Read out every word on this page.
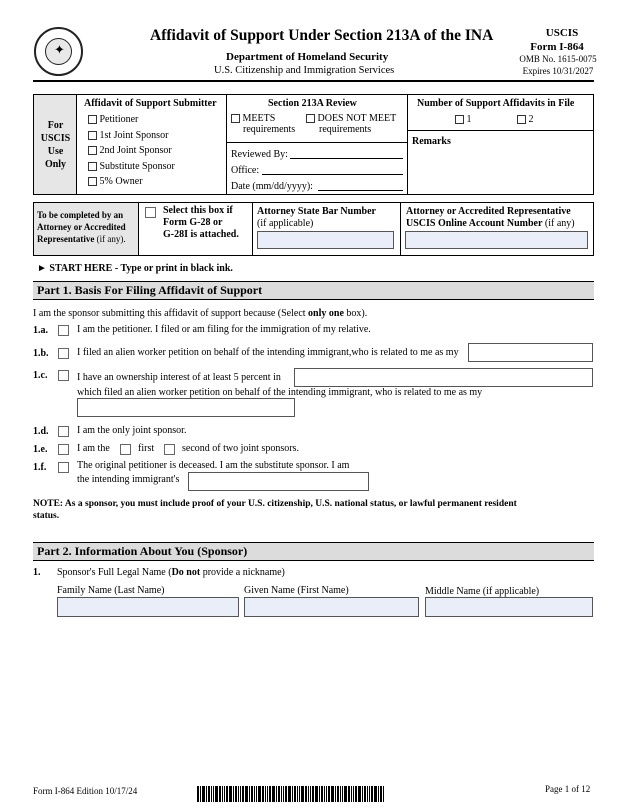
✦
Affidavit of Support Under Section 213A of the INA
Department of Homeland Security
U.S. Citizenship and Immigration Services
USCIS
Form I-864
OMB No. 1615-0075
Expires 10/31/2027
For
USCIS
Use
Only
Affidavit of Support Submitter
Petitioner
1st Joint Sponsor
2nd Joint Sponsor
Substitute Sponsor
5% Owner
Section 213A Review
MEETS
requirements
DOES NOT MEET
requirements
Reviewed By:
Office:
Date (mm/dd/yyyy):
Number of Support Affidavits in File
1	2
Remarks
To be completed by an
Attorney or Accredited
Representative (if any).
Select this box if
Form G-28 or
G-28I is attached.
Attorney State Bar Number
(if applicable)
Attorney or Accredited Representative
USCIS Online Account Number (if any)
► START HERE - Type or print in black ink.
Part 1. Basis For Filing Affidavit of Support
I am the sponsor submitting this affidavit of support because (Select only one box).
1.a.	I am the petitioner. I filed or am filing for the immigration of my relative.
1.b.	I filed an alien worker petition on behalf of the intending immigrant,who is related to me as my
1.c.	I have an ownership interest of at least 5 percent in
which filed an alien worker petition on behalf of the intending immigrant, who is related to me as my
1.d.	I am the only joint sponsor.
1.e.	I am the	first	second of two joint sponsors.
1.f.	The original petitioner is deceased. I am the substitute sponsor. I am
the intending immigrant's
NOTE: As a sponsor, you must include proof of your U.S. citizenship, U.S. national status, or lawful permanent resident
status.
Part 2. Information About You (Sponsor)
1. Sponsor's Full Legal Name (Do not provide a nickname)
Family Name (Last Name)	Given Name (First Name)	Middle Name (if applicable)
Form I-864 Edition 10/17/24	Page 1 of 12
